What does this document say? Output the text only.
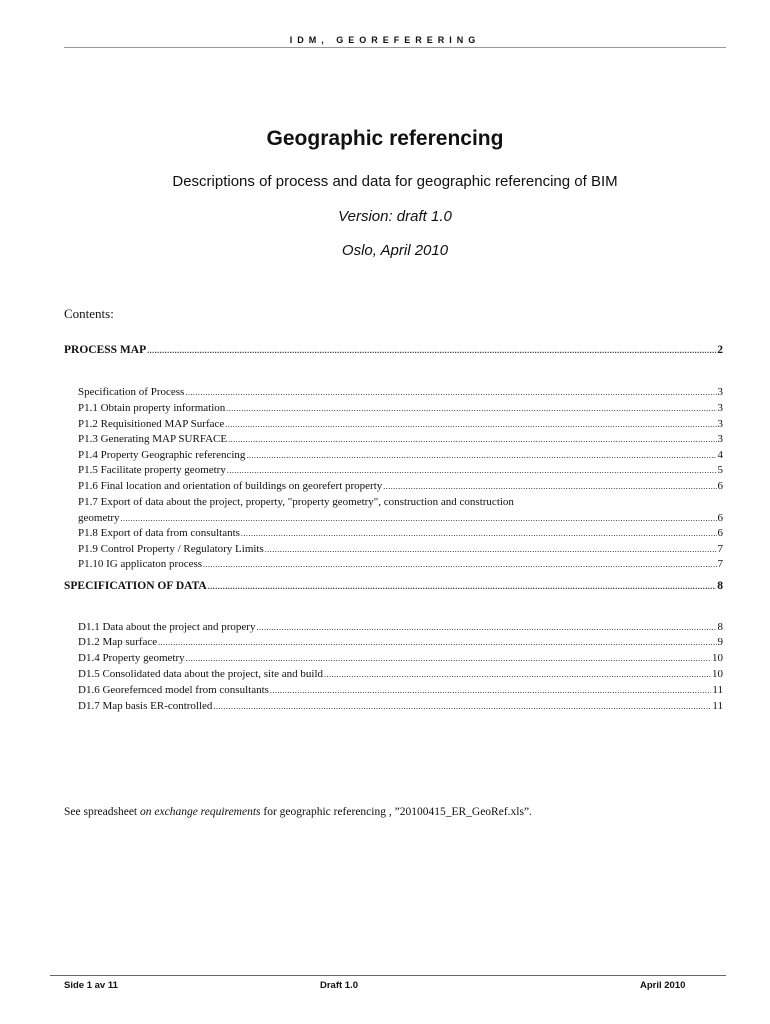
IDM, GEOREFERERING
Geographic referencing
Descriptions of process and data for geographic referencing of BIM
Version: draft 1.0
Oslo, April 2010
Contents:
PROCESS MAP .....	2
Specification of Process .....	3
P1.1 Obtain property information .....	3
P1.2 Requisitioned MAP Surface .....	3
P1.3 Generating MAP SURFACE .....	3
P1.4 Property Geographic referencing .....	4
P1.5 Facilitate property geometry .....	5
P1.6 Final location and orientation of buildings on georefert property .....	6
P1.7 Export of data about the project, property, "property geometry", construction and construction
geometry .....	6
P1.8 Export of data from consultants .....	6
P1.9 Control Property / Regulatory Limits .....	7
P1.10 IG applicaton process .....	7
SPECIFICATION OF DATA .....	8
D1.1 Data about the project and propery .....	8
D1.2 Map surface .....	9
D1.4 Property geometry .....	10
D1.5 Consolidated data about the project, site and build .....	10
D1.6 Georefernced model from consultants .....	11
D1.7 Map basis ER-controlled .....	11
See spreadsheet on exchange requirements for geographic referencing , ”20100415_ER_GeoRef.xls”.
Side 1 av 11	Draft 1.0	April 2010
